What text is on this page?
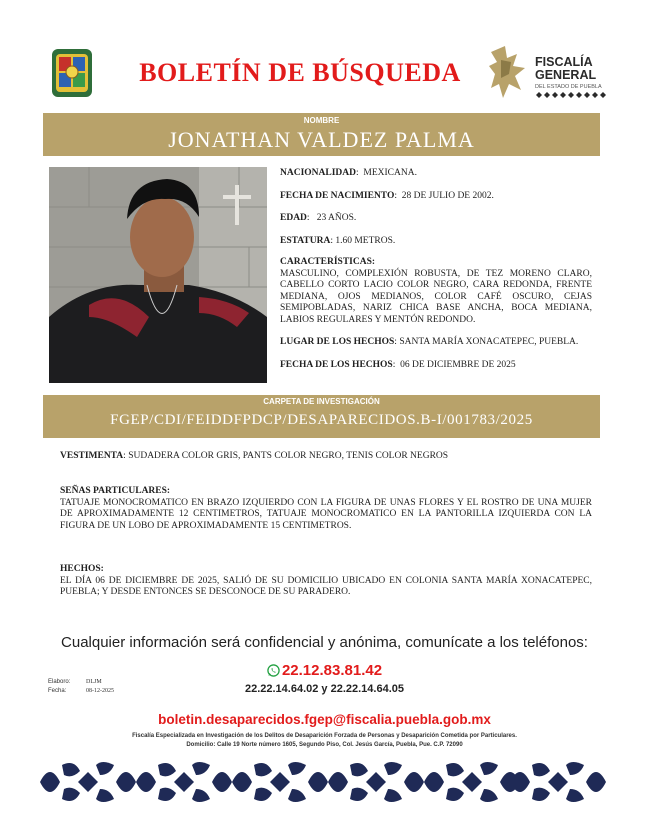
BOLETÍN DE BÚSQUEDA	FISCALÍA
GENERAL
DEL ESTADO DE PUEBLA
NOMBRE
JONATHAN VALDEZ PALMA
NACIONALIDAD:  MEXICANA.
FECHA DE NACIMIENTO:  28 DE JULIO DE 2002.
EDAD:   23 AÑOS.
ESTATURA: 1.60 METROS.
CARACTERÍSTICAS:
MASCULINO, COMPLEXIÓN ROBUSTA, DE TEZ MORENO CLARO, CABELLO CORTO LACIO COLOR NEGRO, CARA REDONDA, FRENTE MEDIANA, OJOS MEDIANOS, COLOR CAFÉ OSCURO, CEJAS SEMIPOBLADAS, NARIZ CHICA BASE ANCHA, BOCA MEDIANA, LABIOS REGULARES Y MENTÓN REDONDO.
LUGAR DE LOS HECHOS: SANTA MARÍA XONACATEPEC, PUEBLA.
FECHA DE LOS HECHOS:  06 DE DICIEMBRE DE 2025
CARPETA DE INVESTIGACIÓN
FGEP/CDI/FEIDDFPDCP/DESAPARECIDOS.B-I/001783/2025
VESTIMENTA: SUDADERA COLOR GRIS, PANTS COLOR NEGRO, TENIS COLOR NEGROS
SEÑAS PARTICULARES:
TATUAJE MONOCROMATICO EN BRAZO IZQUIERDO CON LA FIGURA DE UNAS FLORES Y EL ROSTRO DE UNA MUJER DE APROXIMADAMENTE 12 CENTIMETROS, TATUAJE MONOCROMATICO EN LA PANTORILLA IZQUIERDA CON LA FIGURA DE UN LOBO DE APROXIMADAMENTE 15 CENTIMETROS.
HECHOS:
EL DÍA 06 DE DICIEMBRE DE 2025, SALIÓ DE SU DOMICILIO UBICADO EN COLONIA SANTA MARÍA XONACATEPEC, PUEBLA; Y DESDE ENTONCES SE DESCONOCE DE SU PARADERO.
Cualquier información será confidencial y anónima, comunícate a los teléfonos:
22.12.83.81.42
22.22.14.64.02 y 22.22.14.64.05
Elaboro:	DLJM
Fecha:	08-12-2025
boletin.desaparecidos.fgep@fiscalia.puebla.gob.mx
Fiscalía Especializada en Investigación de los Delitos de Desaparición Forzada de Personas y Desaparición Cometida por Particulares.
Domicilio: Calle 19 Norte número 1605, Segundo Piso, Col. Jesús García, Puebla, Pue. C.P. 72090
